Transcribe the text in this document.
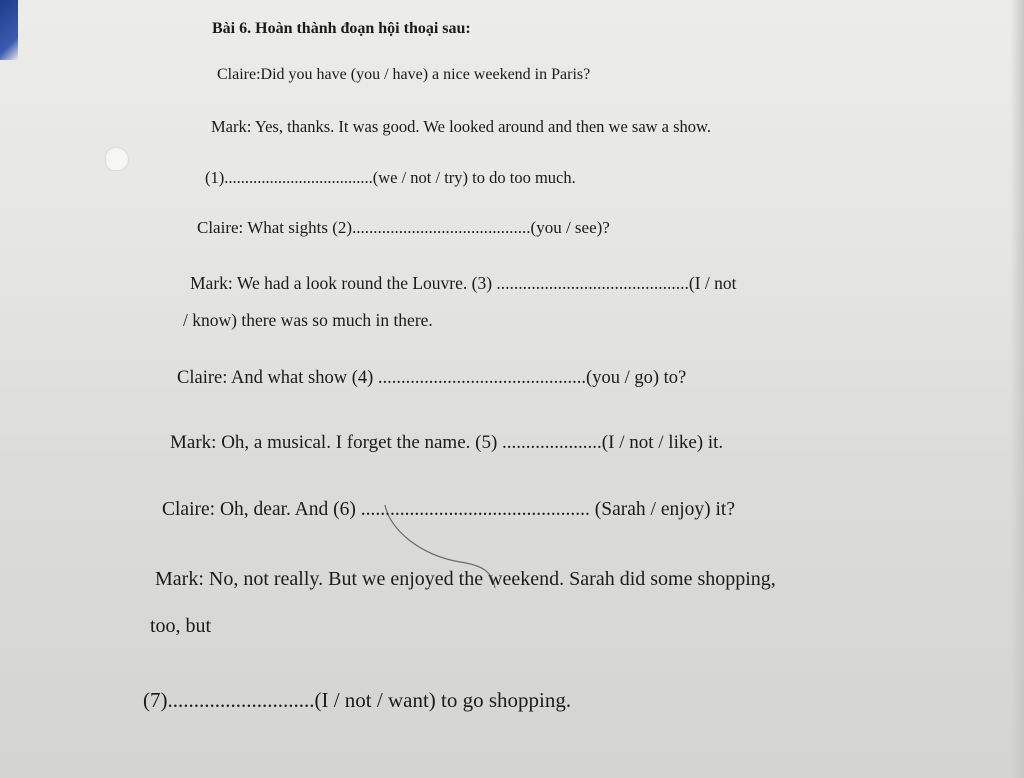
Bài 6. Hoàn thành đoạn hội thoại sau:
Claire:Did you have (you / have) a nice weekend in Paris?
Mark: Yes, thanks. It was good. We looked around and then we saw a show.
(1)....................................(we / not / try) to do too much.
Claire: What sights (2)..........................................(you / see)?
Mark: We had a look round the Louvre. (3) ............................................(I / not
/ know) there was so much in there.
Claire: And what show (4) .............................................(you / go) to?
Mark: Oh, a musical. I forget the name. (5) .....................(I / not / like) it.
Claire: Oh, dear. And (6) ............................................... (Sarah / enjoy) it?
Mark: No, not really. But we enjoyed the weekend. Sarah did some shopping,
too, but
(7)............................(I / not / want) to go shopping.
